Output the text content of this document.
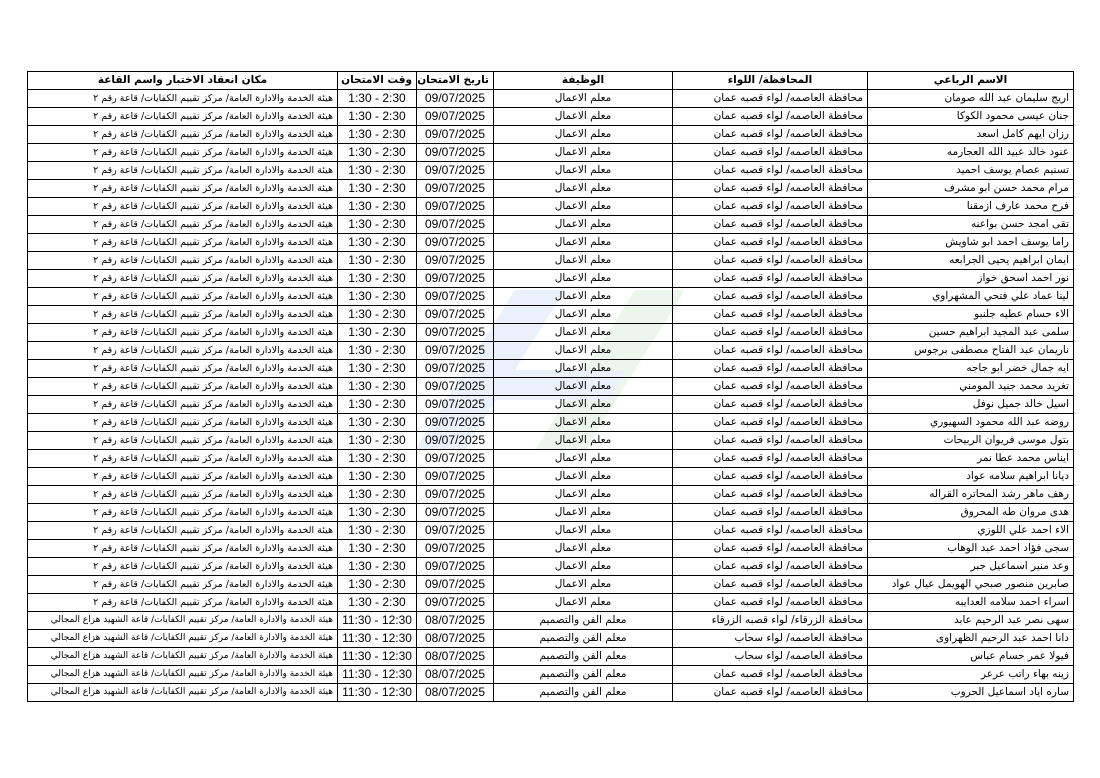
الاسم الرباعي	المحافظة/ اللواء	الوظيفة	تاريخ الامتحان	وقت الامتحان	مكان انعقاد الاختبار واسم القاعة
اريج سليمان عبد الله صومان	محافظة العاصمه/ لواء قصبه عمان	معلم الاعمال	09/07/2025	2:30 - 1:30	هيئة الخدمة والادارة العامة/ مركز تقييم الكفايات/ قاعة رقم ٢
جنان عيسى محمود الكوكا	محافظة العاصمه/ لواء قصبه عمان	معلم الاعمال	09/07/2025	2:30 - 1:30	هيئة الخدمة والادارة العامة/ مركز تقييم الكفايات/ قاعة رقم ٢
رزان ايهم كامل اسعد	محافظة العاصمه/ لواء قصبه عمان	معلم الاعمال	09/07/2025	2:30 - 1:30	هيئة الخدمة والادارة العامة/ مركز تقييم الكفايات/ قاعة رقم ٢
عنود خالد عبيد الله العجارمه	محافظة العاصمه/ لواء قصبه عمان	معلم الاعمال	09/07/2025	2:30 - 1:30	هيئة الخدمة والادارة العامة/ مركز تقييم الكفايات/ قاعة رقم ٢
تسنيم عصام يوسف احميد	محافظة العاصمه/ لواء قصبه عمان	معلم الاعمال	09/07/2025	2:30 - 1:30	هيئة الخدمة والادارة العامة/ مركز تقييم الكفايات/ قاعة رقم ٢
مرام محمد حسن ابو مشرف	محافظة العاصمه/ لواء قصبه عمان	معلم الاعمال	09/07/2025	2:30 - 1:30	هيئة الخدمة والادارة العامة/ مركز تقييم الكفايات/ قاعة رقم ٢
فرح محمد عارف ازمقنا	محافظة العاصمه/ لواء قصبه عمان	معلم الاعمال	09/07/2025	2:30 - 1:30	هيئة الخدمة والادارة العامة/ مركز تقييم الكفايات/ قاعة رقم ٢
تقى امجد حسن بواعنه	محافظة العاصمه/ لواء قصبه عمان	معلم الاعمال	09/07/2025	2:30 - 1:30	هيئة الخدمة والادارة العامة/ مركز تقييم الكفايات/ قاعة رقم ٢
راما يوسف احمد ابو شاويش	محافظة العاصمه/ لواء قصبه عمان	معلم الاعمال	09/07/2025	2:30 - 1:30	هيئة الخدمة والادارة العامة/ مركز تقييم الكفايات/ قاعة رقم ٢
ايمان ابراهيم يحيى الجرابعه	محافظة العاصمه/ لواء قصبه عمان	معلم الاعمال	09/07/2025	2:30 - 1:30	هيئة الخدمة والادارة العامة/ مركز تقييم الكفايات/ قاعة رقم ٢
نور احمد اسحق خواز	محافظة العاصمه/ لواء قصبه عمان	معلم الاعمال	09/07/2025	2:30 - 1:30	هيئة الخدمة والادارة العامة/ مركز تقييم الكفايات/ قاعة رقم ٢
لينا عماد علي فتحي المشهراوي	محافظة العاصمه/ لواء قصبه عمان	معلم الاعمال	09/07/2025	2:30 - 1:30	هيئة الخدمة والادارة العامة/ مركز تقييم الكفايات/ قاعة رقم ٢
الاء حسام عطيه جلنبو	محافظة العاصمه/ لواء قصبه عمان	معلم الاعمال	09/07/2025	2:30 - 1:30	هيئة الخدمة والادارة العامة/ مركز تقييم الكفايات/ قاعة رقم ٢
سلمى عبد المجيد ابراهيم حسين	محافظة العاصمه/ لواء قصبه عمان	معلم الاعمال	09/07/2025	2:30 - 1:30	هيئة الخدمة والادارة العامة/ مركز تقييم الكفايات/ قاعة رقم ٢
ناريمان عبد الفتاح مصطفى برجوس	محافظة العاصمه/ لواء قصبه عمان	معلم الاعمال	09/07/2025	2:30 - 1:30	هيئة الخدمة والادارة العامة/ مركز تقييم الكفايات/ قاعة رقم ٢
ايه جمال خضر ابو جاجه	محافظة العاصمه/ لواء قصبه عمان	معلم الاعمال	09/07/2025	2:30 - 1:30	هيئة الخدمة والادارة العامة/ مركز تقييم الكفايات/ قاعة رقم ٢
تغريد محمد جنيد المومني	محافظة العاصمه/ لواء قصبه عمان	معلم الاعمال	09/07/2025	2:30 - 1:30	هيئة الخدمة والادارة العامة/ مركز تقييم الكفايات/ قاعة رقم ٢
اسيل خالد جميل نوفل	محافظة العاصمه/ لواء قصبه عمان	معلم الاعمال	09/07/2025	2:30 - 1:30	هيئة الخدمة والادارة العامة/ مركز تقييم الكفايات/ قاعة رقم ٢
روضه عبد الله محمود السهيوري	محافظة العاصمه/ لواء قصبه عمان	معلم الاعمال	09/07/2025	2:30 - 1:30	هيئة الخدمة والادارة العامة/ مركز تقييم الكفايات/ قاعة رقم ٢
بتول موسى فريوان الربيحات	محافظة العاصمه/ لواء قصبه عمان	معلم الاعمال	09/07/2025	2:30 - 1:30	هيئة الخدمة والادارة العامة/ مركز تقييم الكفايات/ قاعة رقم ٢
ايناس محمد عطا نمر	محافظة العاصمه/ لواء قصبه عمان	معلم الاعمال	09/07/2025	2:30 - 1:30	هيئة الخدمة والادارة العامة/ مركز تقييم الكفايات/ قاعة رقم ٢
ديانا ابراهيم سلامه عواد	محافظة العاصمه/ لواء قصبه عمان	معلم الاعمال	09/07/2025	2:30 - 1:30	هيئة الخدمة والادارة العامة/ مركز تقييم الكفايات/ قاعة رقم ٢
رهف ماهر رشد المحاتره القراله	محافظة العاصمه/ لواء قصبه عمان	معلم الاعمال	09/07/2025	2:30 - 1:30	هيئة الخدمة والادارة العامة/ مركز تقييم الكفايات/ قاعة رقم ٢
هدى مروان طه المحروق	محافظة العاصمه/ لواء قصبه عمان	معلم الاعمال	09/07/2025	2:30 - 1:30	هيئة الخدمة والادارة العامة/ مركز تقييم الكفايات/ قاعة رقم ٢
الاء احمد علي اللوزي	محافظة العاصمه/ لواء قصبه عمان	معلم الاعمال	09/07/2025	2:30 - 1:30	هيئة الخدمة والادارة العامة/ مركز تقييم الكفايات/ قاعة رقم ٢
سجى فؤاد احمد عبد الوهاب	محافظة العاصمه/ لواء قصبه عمان	معلم الاعمال	09/07/2025	2:30 - 1:30	هيئة الخدمة والادارة العامة/ مركز تقييم الكفايات/ قاعة رقم ٢
وعد منير اسماعيل جبر	محافظة العاصمه/ لواء قصبه عمان	معلم الاعمال	09/07/2025	2:30 - 1:30	هيئة الخدمة والادارة العامة/ مركز تقييم الكفايات/ قاعة رقم ٢
صابرين منصور صبحي الهويمل عيال عواد	محافظة العاصمه/ لواء قصبه عمان	معلم الاعمال	09/07/2025	2:30 - 1:30	هيئة الخدمة والادارة العامة/ مركز تقييم الكفايات/ قاعة رقم ٢
اسراء احمد سلامه العدايبه	محافظة العاصمه/ لواء قصبه عمان	معلم الاعمال	09/07/2025	2:30 - 1:30	هيئة الخدمة والادارة العامة/ مركز تقييم الكفايات/ قاعة رقم ٢
سهى نصر عبد الرحيم عابد	محافظة الزرقاء/ لواء قصبه الزرقاء	معلم الفن والتصميم	08/07/2025	12:30 - 11:30	هيئة الخدمة والادارة العامة/ مركز تقييم الكفايات/ قاعة الشهيد هزاع المجالي
دانا احمد عبد الرحيم الظهراوى	محافظة العاصمه/ لواء سحاب	معلم الفن والتصميم	08/07/2025	12:30 - 11:30	هيئة الخدمة والادارة العامة/ مركز تقييم الكفايات/ قاعة الشهيد هزاع المجالي
فيولا عمر حسام عباس	محافظة العاصمه/ لواء سحاب	معلم الفن والتصميم	08/07/2025	12:30 - 11:30	هيئة الخدمة والادارة العامة/ مركز تقييم الكفايات/ قاعة الشهيد هزاع المجالي
زينه بهاء راتب عرعر	محافظة العاصمه/ لواء قصبه عمان	معلم الفن والتصميم	08/07/2025	12:30 - 11:30	هيئة الخدمة والادارة العامة/ مركز تقييم الكفايات/ قاعة الشهيد هزاع المجالي
ساره اياد اسماعيل الحروب	محافظة العاصمه/ لواء قصبه عمان	معلم الفن والتصميم	08/07/2025	12:30 - 11:30	هيئة الخدمة والادارة العامة/ مركز تقييم الكفايات/ قاعة الشهيد هزاع المجالي
